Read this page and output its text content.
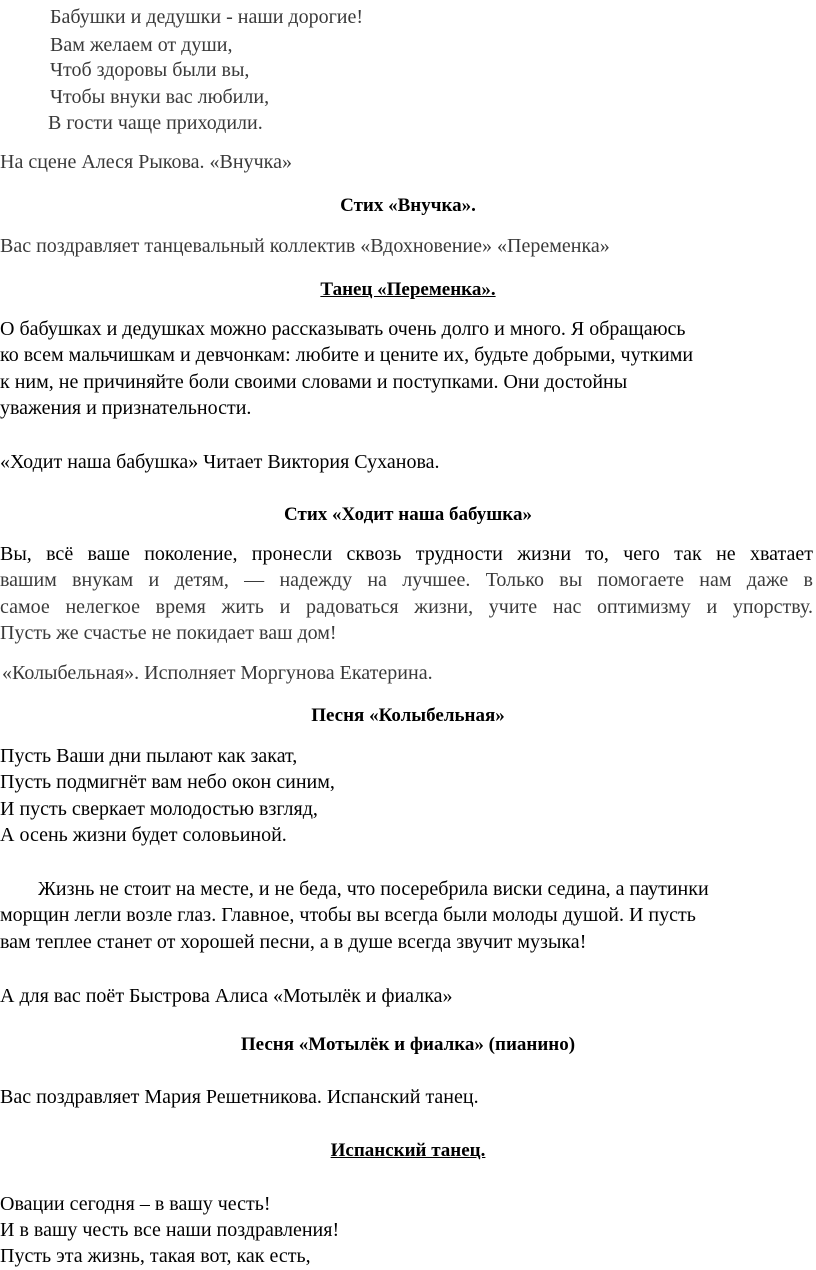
Бабушки и дедушки - наши дорогие!
Вам желаем от души,
Чтоб здоровы были вы,
Чтобы внуки вас любили,
В гости чаще приходили.
На сцене Алеся Рыкова. «Внучка»
Стих «Внучка».
Вас поздравляет танцевальный коллектив «Вдохновение» «Переменка»
Танец «Переменка».
О бабушках и дедушках можно рассказывать очень долго и много. Я обращаюсь
ко всем мальчишкам и девчонкам: любите и цените их, будьте добрыми, чуткими
к ним, не причиняйте боли своими словами и поступками. Они достойны
уважения и признательности.
«Ходит наша бабушка» Читает Виктория Суханова.
Стих «Ходит наша бабушка»
Вы, всё ваше поколение, пронесли сквозь трудности жизни то, чего так не хватает
вашим внукам и детям, — надежду на лучшее. Только вы помогаете нам даже в
самое нелегкое время жить и радоваться жизни, учите нас оптимизму и упорству.
Пусть же счастье не покидает ваш дом!
«Колыбельная». Исполняет Моргунова Екатерина.
Песня «Колыбельная»
Пусть Ваши дни пылают как закат,
Пусть подмигнёт вам небо окон синим,
И пусть сверкает молодостью взгляд,
А осень жизни будет соловьиной.
Жизнь не стоит на месте, и не беда, что посеребрила виски седина, а паутинки
морщин легли возле глаз. Главное, чтобы вы всегда были молоды душой. И пусть
вам теплее станет от хорошей песни, а в душе всегда звучит музыка!
А для вас поёт Быстрова Алиса «Мотылёк и фиалка»
Песня «Мотылёк и фиалка» (пианино)
Вас поздравляет Мария Решетникова. Испанский танец.
Испанский танец.
Овации сегодня – в вашу честь!
И в вашу честь все наши поздравления!
Пусть эта жизнь, такая вот, как есть,
